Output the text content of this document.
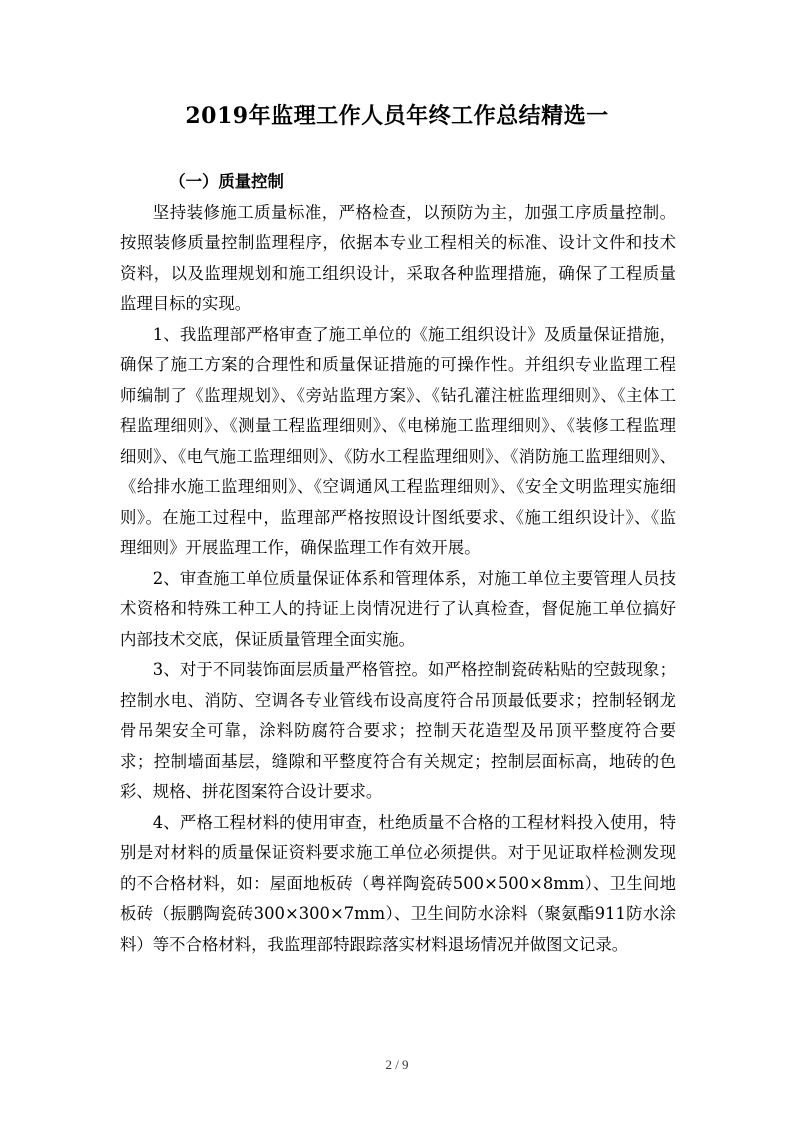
2019年监理工作人员年终工作总结精选一

（一）质量控制

坚持装修施工质量标准，严格检查，以预防为主，加强工序质量控制。按照装修质量控制监理程序，依据本专业工程相关的标准、设计文件和技术资料，以及监理规划和施工组织设计，采取各种监理措施，确保了工程质量监理目标的实现。

1、我监理部严格审查了施工单位的《施工组织设计》及质量保证措施，确保了施工方案的合理性和质量保证措施的可操作性。并组织专业监理工程师编制了《监理规划》、《旁站监理方案》、《钻孔灌注桩监理细则》、《主体工程监理细则》、《测量工程监理细则》、《电梯施工监理细则》、《装修工程监理细则》、《电气施工监理细则》、《防水工程监理细则》、《消防施工监理细则》、《给排水施工监理细则》、《空调通风工程监理细则》、《安全文明监理实施细则》。在施工过程中，监理部严格按照设计图纸要求、《施工组织设计》、《监理细则》开展监理工作，确保监理工作有效开展。

2、审查施工单位质量保证体系和管理体系，对施工单位主要管理人员技术资格和特殊工种工人的持证上岗情况进行了认真检查，督促施工单位搞好内部技术交底，保证质量管理全面实施。

3、对于不同装饰面层质量严格管控。如严格控制瓷砖粘贴的空鼓现象；控制水电、消防、空调各专业管线布设高度符合吊顶最低要求；控制轻钢龙骨吊架安全可靠，涂料防腐符合要求；控制天花造型及吊顶平整度符合要求；控制墙面基层，缝隙和平整度符合有关规定；控制层面标高，地砖的色彩、规格、拼花图案符合设计要求。

4、严格工程材料的使用审查，杜绝质量不合格的工程材料投入使用，特别是对材料的质量保证资料要求施工单位必须提供。对于见证取样检测发现的不合格材料，如：屋面地板砖（粤祥陶瓷砖500×500×8mm）、卫生间地板砖（振鹏陶瓷砖300×300×7mm）、卫生间防水涂料（聚氨酯911防水涂料）等不合格材料，我监理部特跟踪落实材料退场情况并做图文记录。

2 / 9
